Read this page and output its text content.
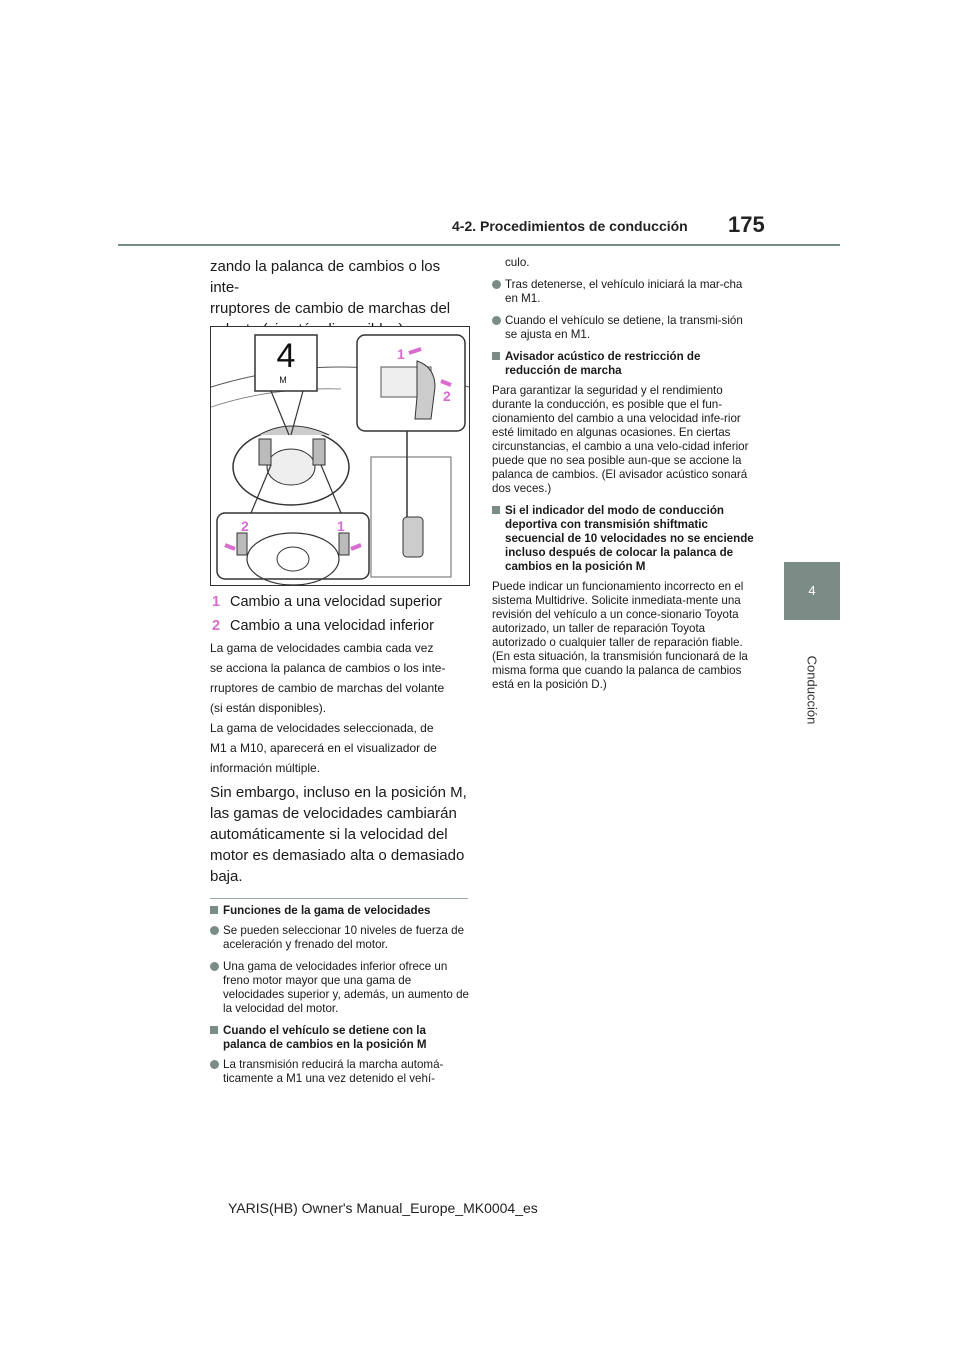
4-2. Procedimientos de conducción 175
4
Conducción
zando la palanca de cambios o los inte-
rruptores de cambio de marchas del
4
M
1
2
2	1
1 Cambio a una velocidad superior
2 Cambio a una velocidad inferior
La gama de velocidades cambia cada vez
se acciona la palanca de cambios o los inte-
rruptores de cambio de marchas del volante
(si están disponibles).
La gama de velocidades seleccionada, de
M1 a M10, aparecerá en el visualizador de
información múltiple.
Sin embargo, incluso en la posición M,
las gamas de velocidades cambiarán
automáticamente si la velocidad del
motor es demasiado alta o demasiado
baja.
Funciones de la gama de velocidades
Se pueden seleccionar 10 niveles de fuerza de aceleración y frenado del motor.
Una gama de velocidades inferior ofrece un freno motor mayor que una gama de velocidades superior y, además, un aumento de la velocidad del motor.
Cuando el vehículo se detiene con la palanca de cambios en la posición M
La transmisión reducirá la marcha automá-ticamente a M1 una vez detenido el vehí-
culo.
Tras detenerse, el vehículo iniciará la mar-cha en M1.
Cuando el vehículo se detiene, la transmi-sión se ajusta en M1.
Avisador acústico de restricción de reducción de marcha
Para garantizar la seguridad y el rendimiento durante la conducción, es posible que el fun-cionamiento del cambio a una velocidad infe-rior esté limitado en algunas ocasiones. En ciertas circunstancias, el cambio a una velo-cidad inferior puede que no sea posible aun-que se accione la palanca de cambios. (El avisador acústico sonará dos veces.)
Si el indicador del modo de conducción deportiva con transmisión shiftmatic secuencial de 10 velocidades no se enciende incluso después de colocar la palanca de cambios en la posición M
Puede indicar un funcionamiento incorrecto en el sistema Multidrive. Solicite inmediata-mente una revisión del vehículo a un conce-sionario Toyota autorizado, un taller de reparación Toyota autorizado o cualquier taller de reparación fiable.
(En esta situación, la transmisión funcionará de la misma forma que cuando la palanca de cambios está en la posición D.)
YARIS(HB) Owner's Manual_Europe_MK0004_es
